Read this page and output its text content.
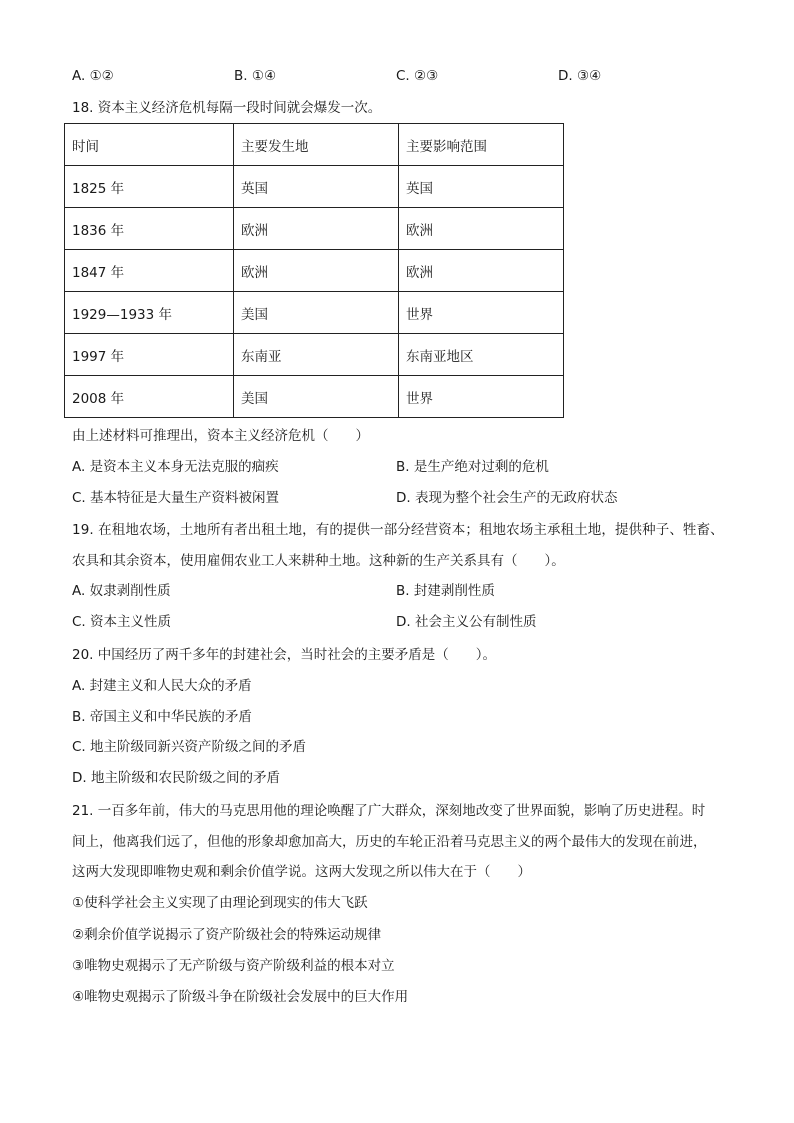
A. ①②	B. ①④	C. ②③	D. ③④
18. 资本主义经济危机每隔一段时间就会爆发一次。
时间	主要发生地	主要影响范围
1825 年	英国	英国
1836 年	欧洲	欧洲
1847 年	欧洲	欧洲
1929—1933 年	美国	世界
1997 年	东南亚	东南亚地区
2008 年	美国	世界
由上述材料可推理出，资本主义经济危机（　　）
A. 是资本主义本身无法克服的痼疾	B. 是生产绝对过剩的危机
C. 基本特征是大量生产资料被闲置	D. 表现为整个社会生产的无政府状态
19. 在租地农场，土地所有者出租土地，有的提供一部分经营资本；租地农场主承租土地，提供种子、牲畜、
农具和其余资本，使用雇佣农业工人来耕种土地。这种新的生产关系具有（　　）。
A. 奴隶剥削性质	B. 封建剥削性质
C. 资本主义性质	D. 社会主义公有制性质
20. 中国经历了两千多年的封建社会，当时社会的主要矛盾是（　　）。
A. 封建主义和人民大众的矛盾
B. 帝国主义和中华民族的矛盾
C. 地主阶级同新兴资产阶级之间的矛盾
D. 地主阶级和农民阶级之间的矛盾
21. 一百多年前，伟大的马克思用他的理论唤醒了广大群众，深刻地改变了世界面貌，影响了历史进程。时
间上，他离我们远了，但他的形象却愈加高大，历史的车轮正沿着马克思主义的两个最伟大的发现在前进，
这两大发现即唯物史观和剩余价值学说。这两大发现之所以伟大在于（　　）
①使科学社会主义实现了由理论到现实的伟大飞跃
②剩余价值学说揭示了资产阶级社会的特殊运动规律
③唯物史观揭示了无产阶级与资产阶级利益的根本对立
④唯物史观揭示了阶级斗争在阶级社会发展中的巨大作用
